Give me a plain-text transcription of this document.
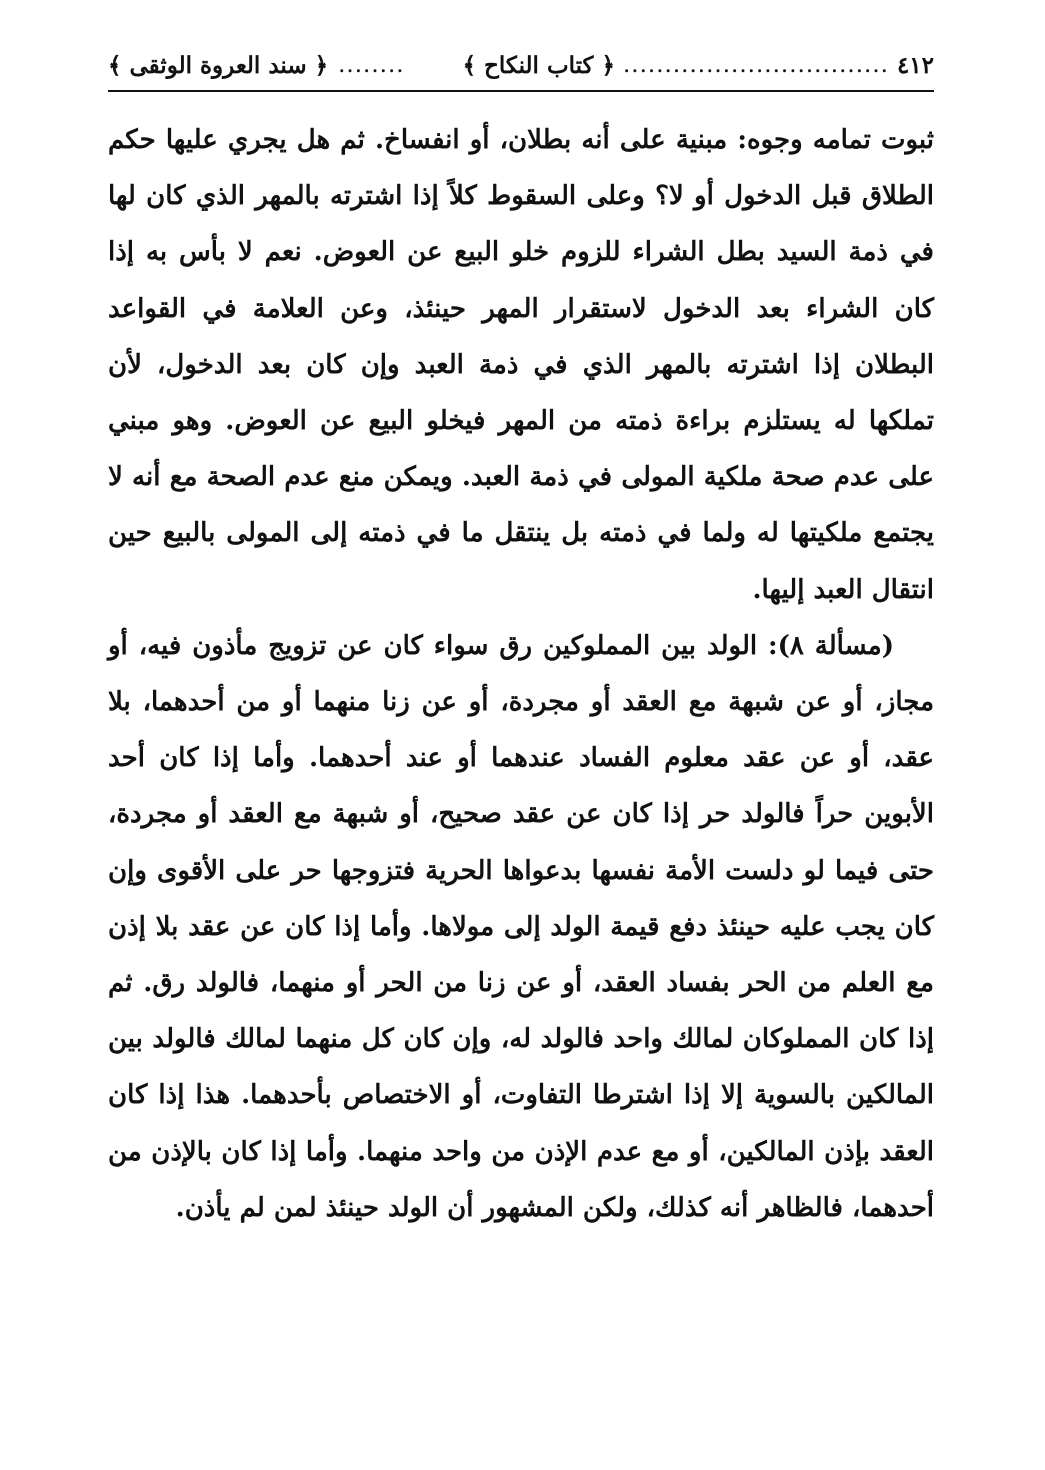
٤١٢
................................
﴿ كتاب النكاح ﴾
........
﴿ سند العروة الوثقى ﴾

ثبوت تمامه وجوه: مبنية على أنه بطلان، أو انفساخ. ثم هل يجري عليها حكم الطلاق قبل الدخول أو لا؟ وعلى السقوط كلاً إذا اشترته بالمهر الذي كان لها في ذمة السيد بطل الشراء للزوم خلو البيع عن العوض. نعم لا بأس به إذا كان الشراء بعد الدخول لاستقرار المهر حينئذ، وعن العلامة في القواعد البطلان إذا اشترته بالمهر الذي في ذمة العبد وإن كان بعد الدخول، لأن تملكها له يستلزم براءة ذمته من المهر فيخلو البيع عن العوض. وهو مبني على عدم صحة ملكية المولى في ذمة العبد. ويمكن منع عدم الصحة مع أنه لا يجتمع ملكيتها له ولما في ذمته بل ينتقل ما في ذمته إلى المولى بالبيع حين انتقال العبد إليها.

(مسألة ٨): الولد بين المملوكين رق سواء كان عن تزويج مأذون فيه، أو مجاز، أو عن شبهة مع العقد أو مجردة، أو عن زنا منهما أو من أحدهما، بلا عقد، أو عن عقد معلوم الفساد عندهما أو عند أحدهما. وأما إذا كان أحد الأبوين حراً فالولد حر إذا كان عن عقد صحيح، أو شبهة مع العقد أو مجردة، حتى فيما لو دلست الأمة نفسها بدعواها الحرية فتزوجها حر على الأقوى وإن كان يجب عليه حينئذ دفع قيمة الولد إلى مولاها. وأما إذا كان عن عقد بلا إذن مع العلم من الحر بفساد العقد، أو عن زنا من الحر أو منهما، فالولد رق. ثم إذا كان المملوكان لمالك واحد فالولد له، وإن كان كل منهما لمالك فالولد بين المالكين بالسوية إلا إذا اشترطا التفاوت، أو الاختصاص بأحدهما. هذا إذا كان العقد بإذن المالكين، أو مع عدم الإذن من واحد منهما. وأما إذا كان بالإذن من أحدهما، فالظاهر أنه كذلك، ولكن المشهور أن الولد حينئذ لمن لم يأذن.
